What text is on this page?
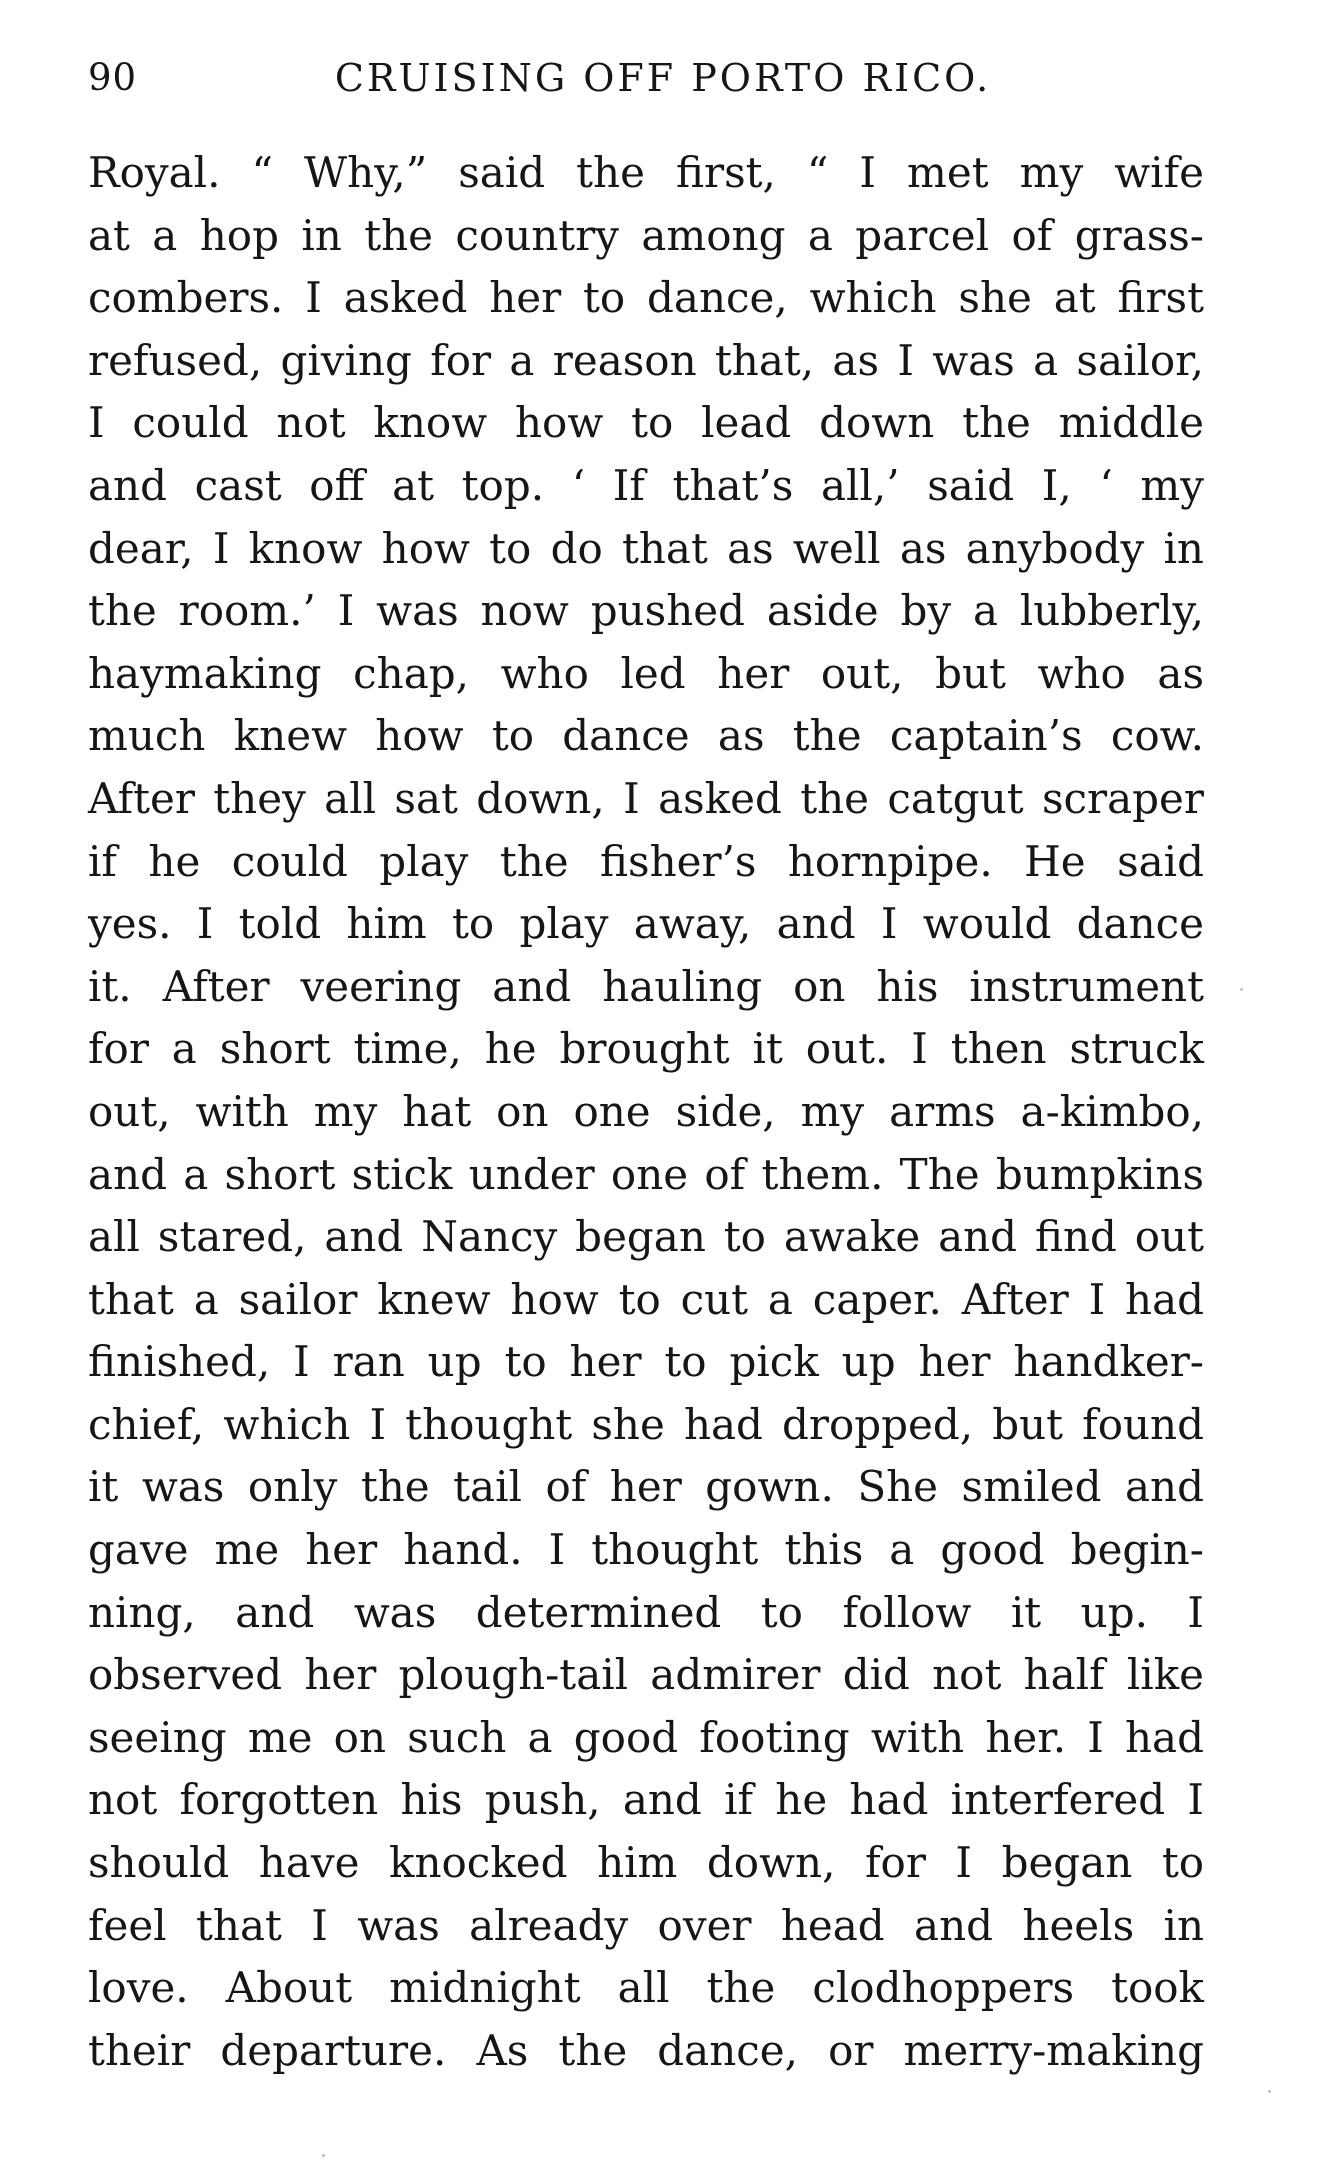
90	CRUISING OFF PORTO RICO.
Royal. “ Why,” said the first, “ I met my wife
at a hop in the country among a parcel of grass-
combers. I asked her to dance, which she at first
refused, giving for a reason that, as I was a sailor,
I could not know how to lead down the middle
and cast off at top. ‘ If that’s all,’ said I, ‘ my
dear, I know how to do that as well as anybody in
the room.’ I was now pushed aside by a lubberly,
haymaking chap, who led her out, but who as
much knew how to dance as the captain’s cow.
After they all sat down, I asked the catgut scraper
if he could play the fisher’s hornpipe. He said
yes. I told him to play away, and I would dance
it. After veering and hauling on his instrument
for a short time, he brought it out. I then struck
out, with my hat on one side, my arms a-kimbo,
and a short stick under one of them. The bumpkins
all stared, and Nancy began to awake and find out
that a sailor knew how to cut a caper. After I had
finished, I ran up to her to pick up her handker-
chief, which I thought she had dropped, but found
it was only the tail of her gown. She smiled and
gave me her hand. I thought this a good begin-
ning, and was determined to follow it up. I
observed her plough-tail admirer did not half like
seeing me on such a good footing with her. I had
not forgotten his push, and if he had interfered I
should have knocked him down, for I began to
feel that I was already over head and heels in
love. About midnight all the clodhoppers took
their departure. As the dance, or merry-making
